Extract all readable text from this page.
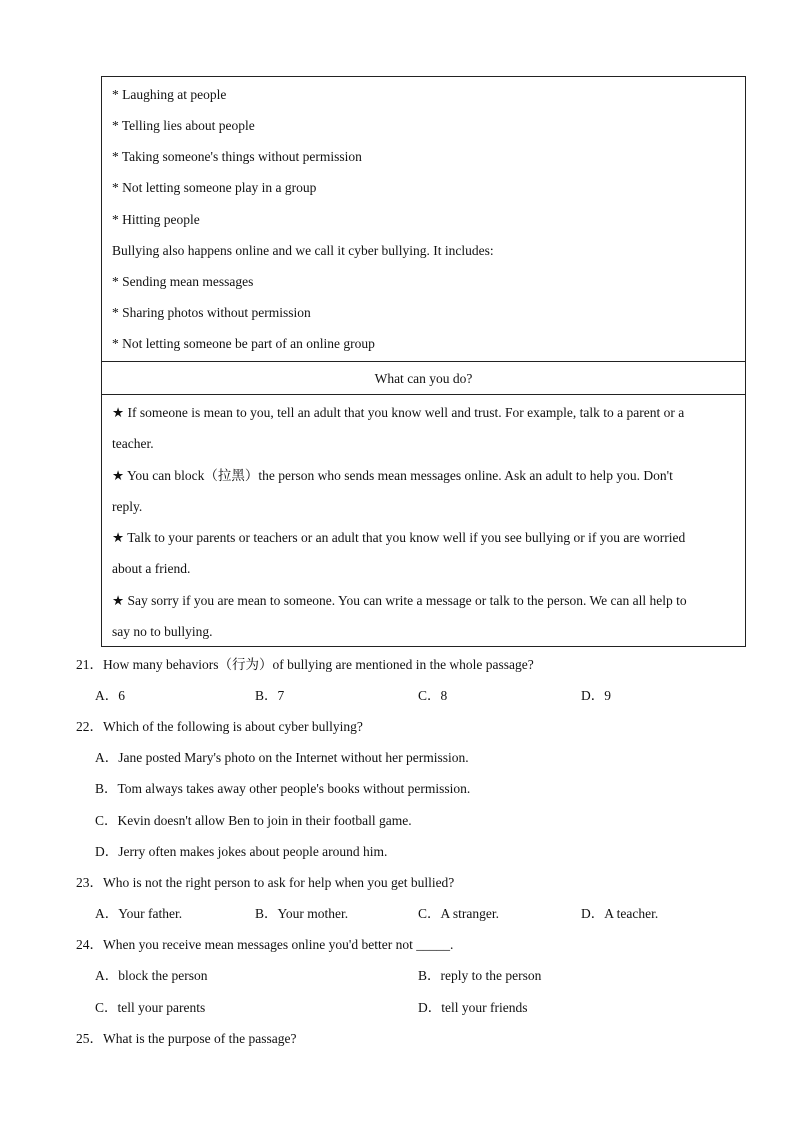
* Laughing at people
* Telling lies about people
* Taking someone's things without permission
* Not letting someone play in a group
* Hitting people
Bullying also happens online and we call it cyber bullying. It includes:
* Sending mean messages
* Sharing photos without permission
* Not letting someone be part of an online group
What can you do?
★ If someone is mean to you, tell an adult that you know well and trust. For example, talk to a parent or a
teacher.
★ You can block（拉黑）the person who sends mean messages online. Ask an adult to help you. Don't
reply.
★ Talk to your parents or teachers or an adult that you know well if you see bullying or if you are worried
about a friend.
★ Say sorry if you are mean to someone. You can write a message or talk to the person. We can all help to
say no to bullying.
21．How many behaviors（行为）of bullying are mentioned in the whole passage?
A．6	B．7	C．8	D．9
22．Which of the following is about cyber bullying?
A．Jane posted Mary's photo on the Internet without her permission.
B．Tom always takes away other people's books without permission.
C．Kevin doesn't allow Ben to join in their football game.
D．Jerry often makes jokes about people around him.
23．Who is not the right person to ask for help when you get bullied?
A．Your father.	B．Your mother.	C．A stranger.	D．A teacher.
24．When you receive mean messages online you'd better not _____.
A．block the person	B．reply to the person
C．tell your parents	D．tell your friends
25．What is the purpose of the passage?
